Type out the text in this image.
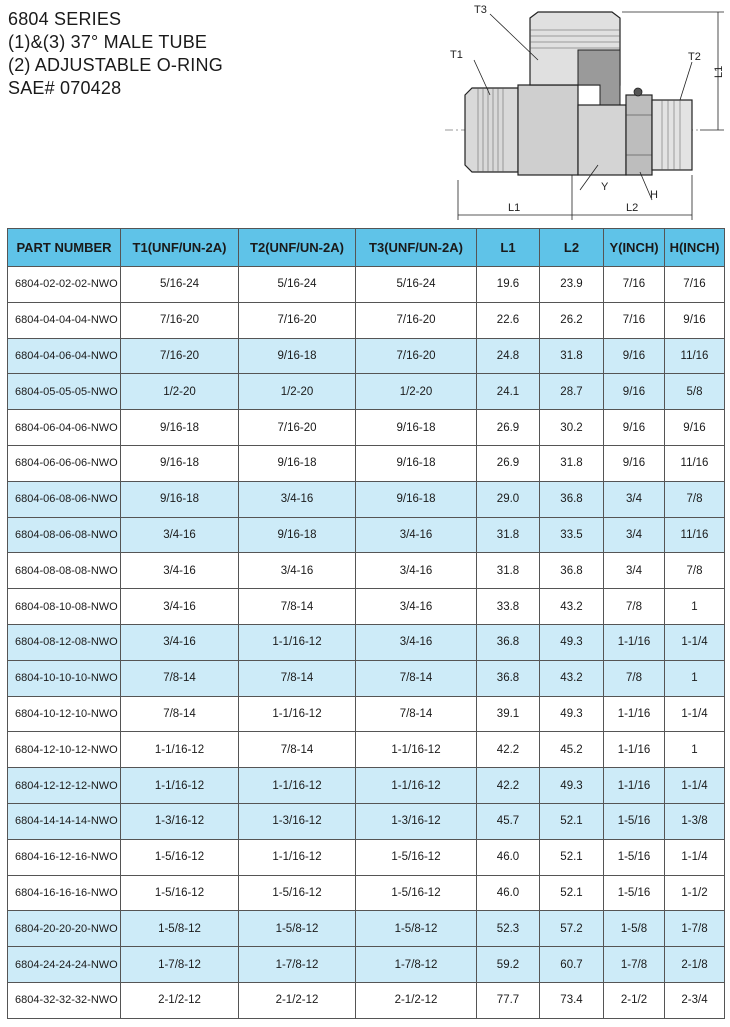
6804 SERIES
(1)&(3) 37° MALE TUBE
(2) ADJUSTABLE O-RING
SAE# 070428
T3
T1	T2
L1
L1	L2
Y
H
PART NUMBER	T1(UNF/UN-2A)	T2(UNF/UN-2A)	T3(UNF/UN-2A)	L1	L2	Y(INCH)	H(INCH)
6804-02-02-02-NWO	5/16-24	5/16-24	5/16-24	19.6	23.9	7/16	7/16
6804-04-04-04-NWO	7/16-20	7/16-20	7/16-20	22.6	26.2	7/16	9/16
6804-04-06-04-NWO	7/16-20	9/16-18	7/16-20	24.8	31.8	9/16	11/16
6804-05-05-05-NWO	1/2-20	1/2-20	1/2-20	24.1	28.7	9/16	5/8
6804-06-04-06-NWO	9/16-18	7/16-20	9/16-18	26.9	30.2	9/16	9/16
6804-06-06-06-NWO	9/16-18	9/16-18	9/16-18	26.9	31.8	9/16	11/16
6804-06-08-06-NWO	9/16-18	3/4-16	9/16-18	29.0	36.8	3/4	7/8
6804-08-06-08-NWO	3/4-16	9/16-18	3/4-16	31.8	33.5	3/4	11/16
6804-08-08-08-NWO	3/4-16	3/4-16	3/4-16	31.8	36.8	3/4	7/8
6804-08-10-08-NWO	3/4-16	7/8-14	3/4-16	33.8	43.2	7/8	1
6804-08-12-08-NWO	3/4-16	1-1/16-12	3/4-16	36.8	49.3	1-1/16	1-1/4
6804-10-10-10-NWO	7/8-14	7/8-14	7/8-14	36.8	43.2	7/8	1
6804-10-12-10-NWO	7/8-14	1-1/16-12	7/8-14	39.1	49.3	1-1/16	1-1/4
6804-12-10-12-NWO	1-1/16-12	7/8-14	1-1/16-12	42.2	45.2	1-1/16	1
6804-12-12-12-NWO	1-1/16-12	1-1/16-12	1-1/16-12	42.2	49.3	1-1/16	1-1/4
6804-14-14-14-NWO	1-3/16-12	1-3/16-12	1-3/16-12	45.7	52.1	1-5/16	1-3/8
6804-16-12-16-NWO	1-5/16-12	1-1/16-12	1-5/16-12	46.0	52.1	1-5/16	1-1/4
6804-16-16-16-NWO	1-5/16-12	1-5/16-12	1-5/16-12	46.0	52.1	1-5/16	1-1/2
6804-20-20-20-NWO	1-5/8-12	1-5/8-12	1-5/8-12	52.3	57.2	1-5/8	1-7/8
6804-24-24-24-NWO	1-7/8-12	1-7/8-12	1-7/8-12	59.2	60.7	1-7/8	2-1/8
6804-32-32-32-NWO	2-1/2-12	2-1/2-12	2-1/2-12	77.7	73.4	2-1/2	2-3/4
